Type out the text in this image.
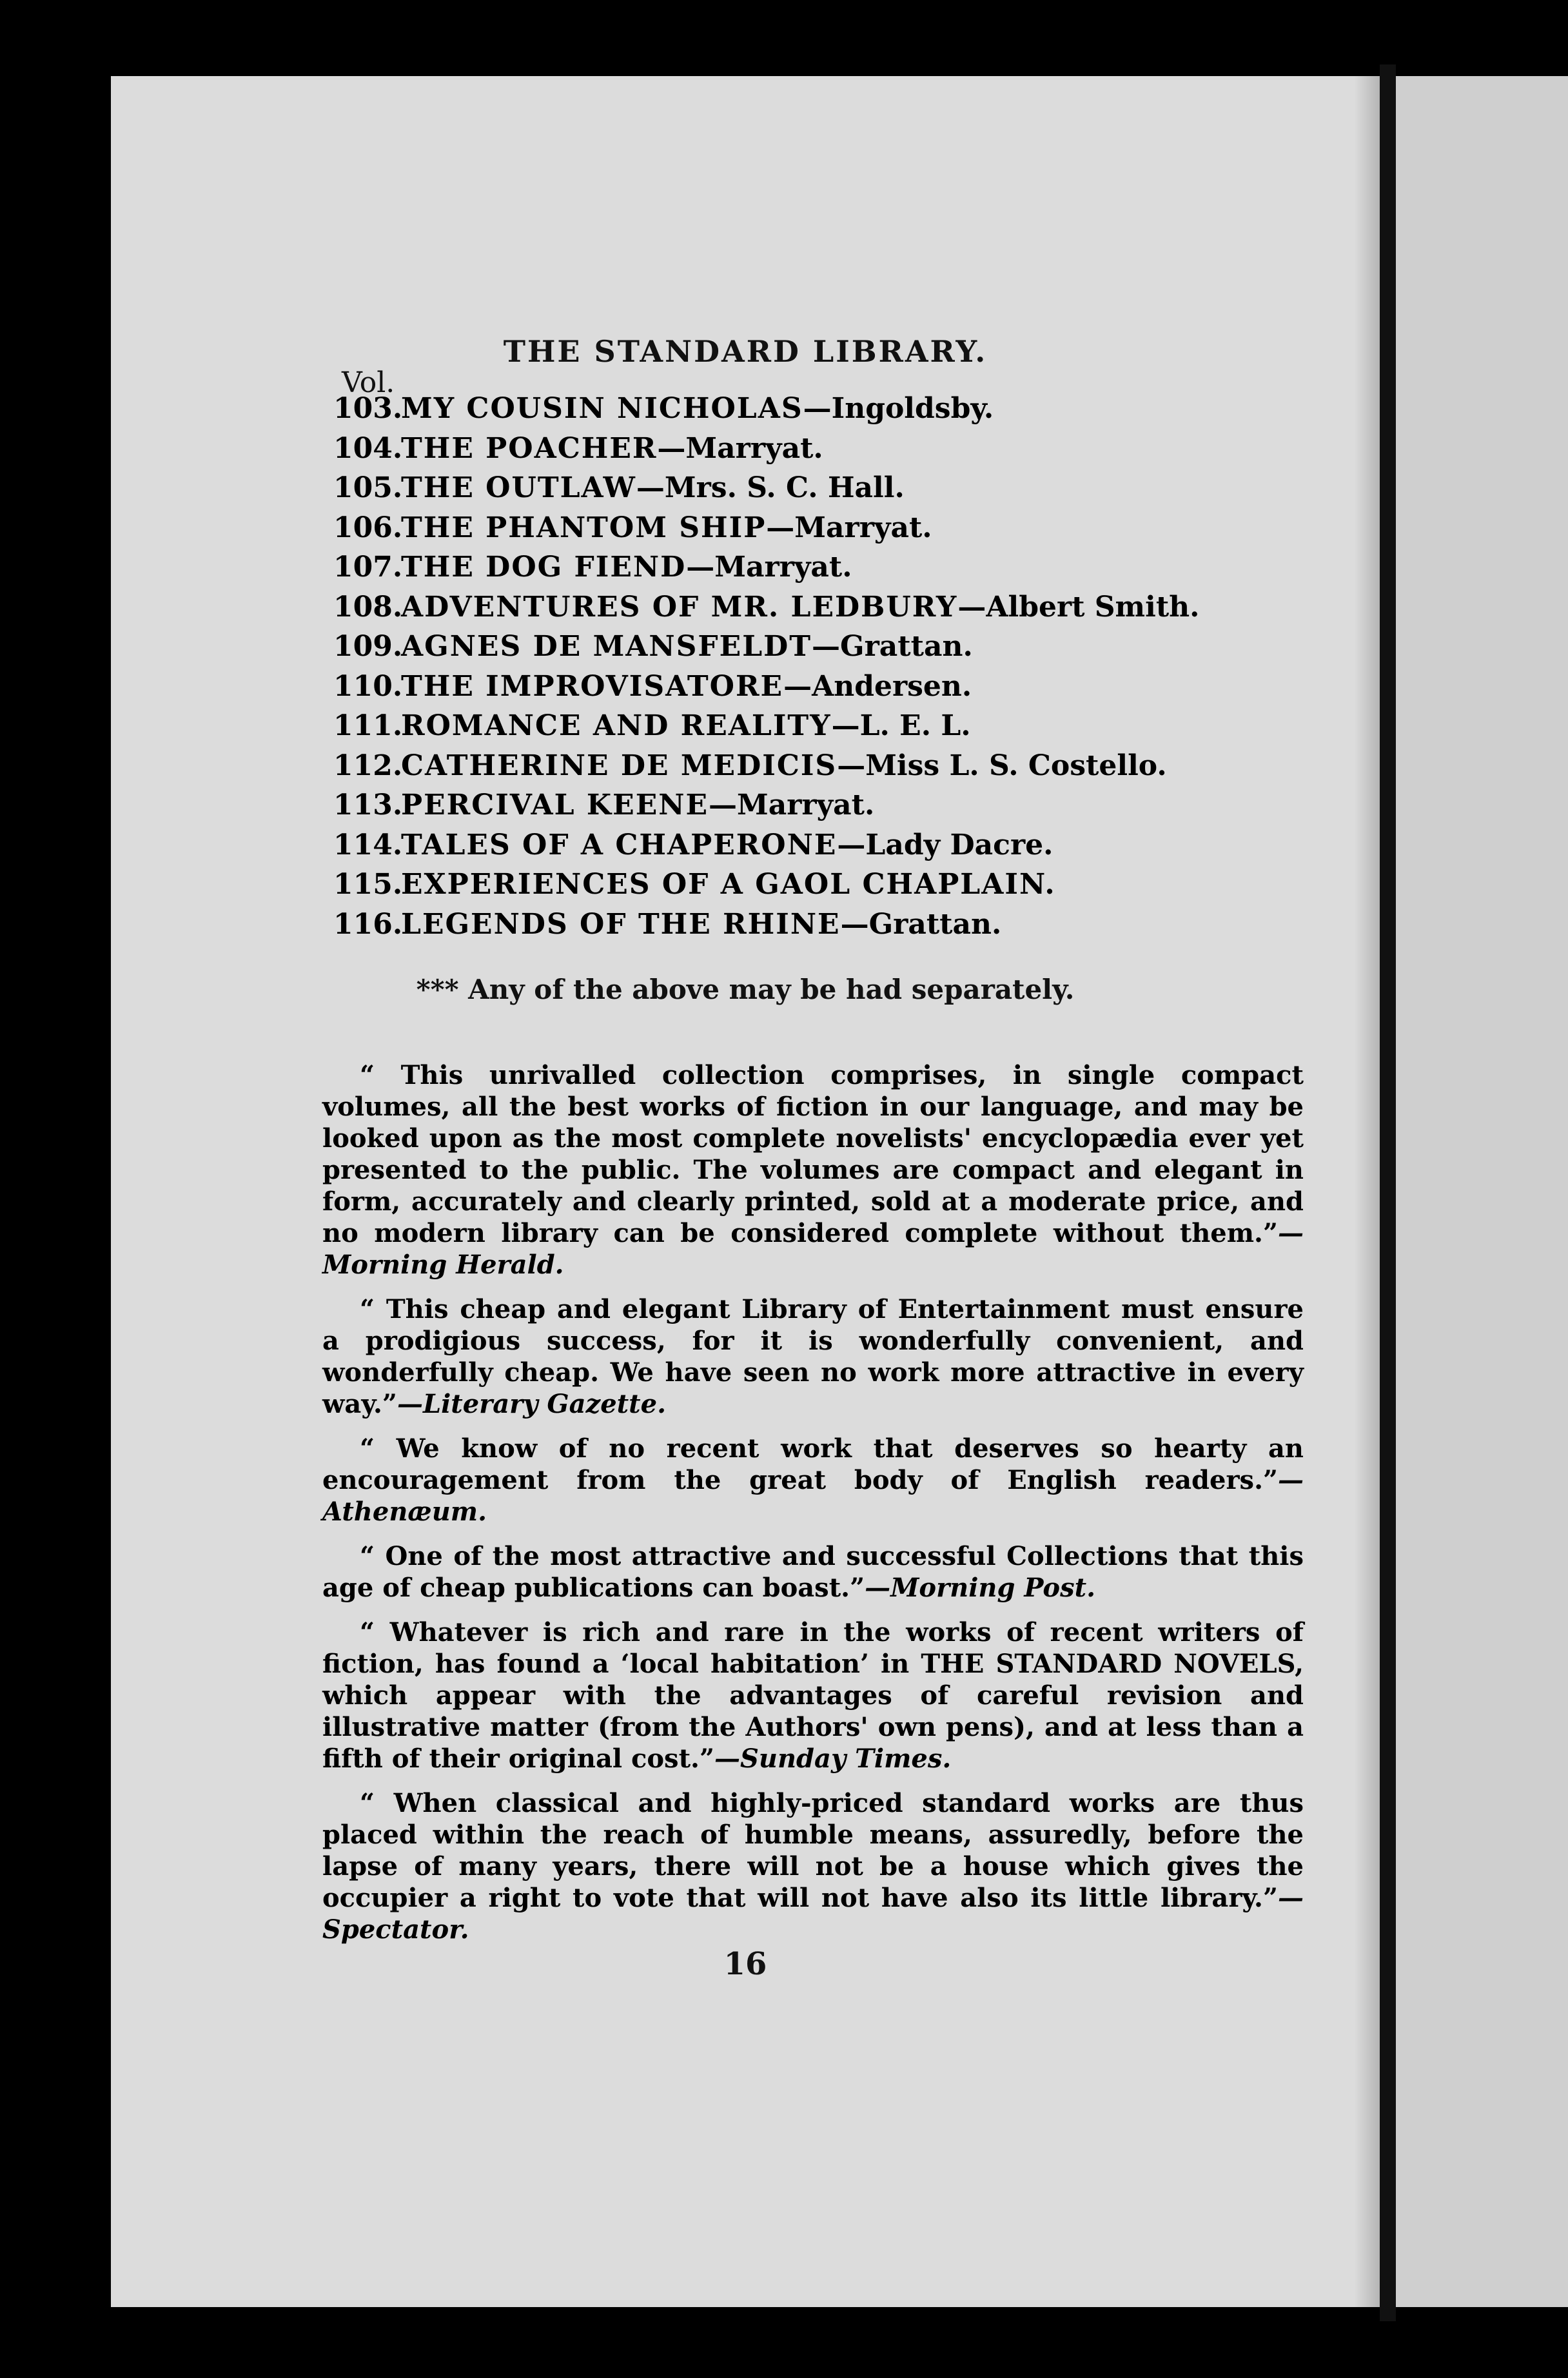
THE STANDARD LIBRARY.
Vol.
103.MY COUSIN NICHOLAS—Ingoldsby.
104.THE POACHER—Marryat.
105.THE OUTLAW—Mrs. S. C. Hall.
106.THE PHANTOM SHIP—Marryat.
107.THE DOG FIEND—Marryat.
108.ADVENTURES OF MR. LEDBURY—Albert Smith.
109.AGNES DE MANSFELDT—Grattan.
110.THE IMPROVISATORE—Andersen.
111.ROMANCE AND REALITY—L. E. L.
112.CATHERINE DE MEDICIS—Miss L. S. Costello.
113.PERCIVAL KEENE—Marryat.
114.TALES OF A CHAPERONE—Lady Dacre.
115.EXPERIENCES OF A GAOL CHAPLAIN.
116.LEGENDS OF THE RHINE—Grattan.
*** Any of the above may be had separately.

“ This unrivalled collection comprises, in single compact volumes, all the best works of fiction in our language, and may be looked upon as the most complete novelists' encyclopædia ever yet presented to the public. The volumes are compact and elegant in form, accurately and clearly printed, sold at a moderate price, and no modern library can be considered complete without them.”—Morning Herald.

“ This cheap and elegant Library of Entertainment must ensure a prodigious success, for it is wonderfully convenient, and wonderfully cheap. We have seen no work more attractive in every way.”—Literary Gazette.

“ We know of no recent work that deserves so hearty an encouragement from the great body of English readers.”—Athenæum.

“ One of the most attractive and successful Collections that this age of cheap publications can boast.”—Morning Post.

“ Whatever is rich and rare in the works of recent writers of fiction, has found a ‘local habitation’ in THE STANDARD NOVELS, which appear with the advantages of careful revision and illustrative matter (from the Authors' own pens), and at less than a fifth of their original cost.”—Sunday Times.

“ When classical and highly-priced standard works are thus placed within the reach of humble means, assuredly, before the lapse of many years, there will not be a house which gives the occupier a right to vote that will not have also its little library.”—Spectator.

16
